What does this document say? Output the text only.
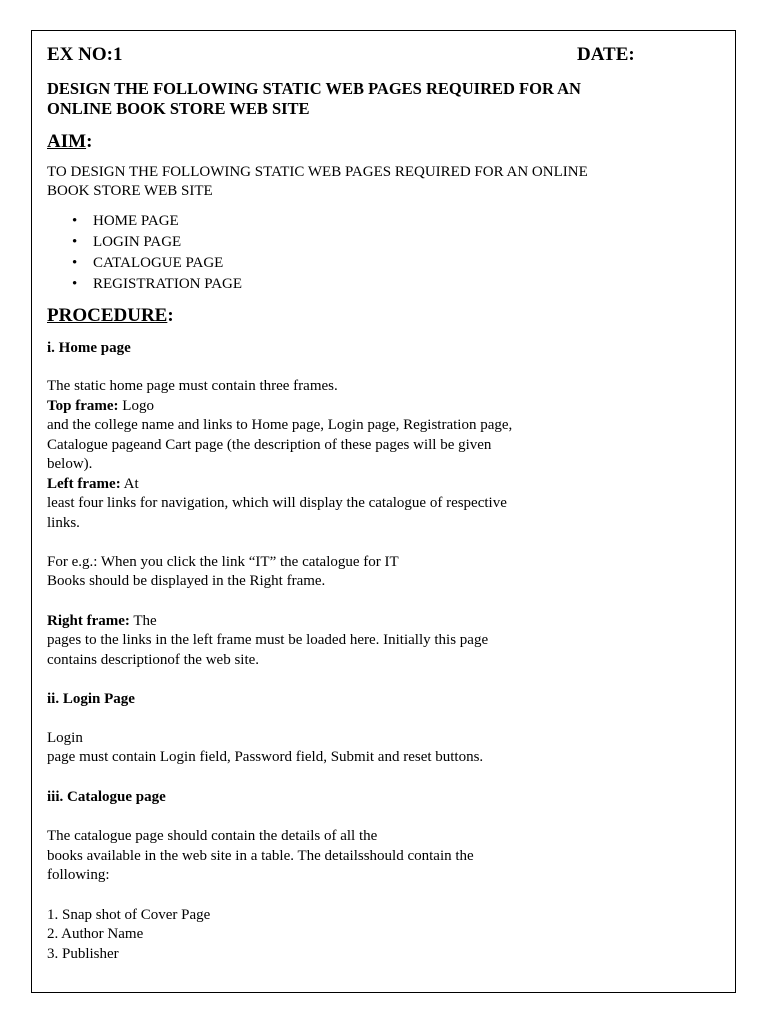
EX NO:1	DATE:
DESIGN THE FOLLOWING STATIC WEB PAGES REQUIRED FOR AN
ONLINE BOOK STORE WEB SITE
AIM:
TO DESIGN THE FOLLOWING STATIC WEB PAGES REQUIRED FOR AN ONLINE
BOOK STORE WEB SITE
• HOME PAGE
• LOGIN PAGE
• CATALOGUE PAGE
• REGISTRATION PAGE
PROCEDURE:
i. Home page
The static home page must contain three frames.
Top frame: Logo
and the college name and links to Home page, Login page, Registration page,
Catalogue pageand Cart page (the description of these pages will be given
below).
Left frame: At
least four links for navigation, which will display the catalogue of respective
links.
For e.g.: When you click the link “IT” the catalogue for IT
Books should be displayed in the Right frame.
Right frame: The
pages to the links in the left frame must be loaded here. Initially this page
contains descriptionof the web site.
ii. Login Page
Login
page must contain Login field, Password field, Submit and reset buttons.
iii. Catalogue page
The catalogue page should contain the details of all the
books available in the web site in a table. The detailsshould contain the
following:
1. Snap shot of Cover Page
2. Author Name
3. Publisher
